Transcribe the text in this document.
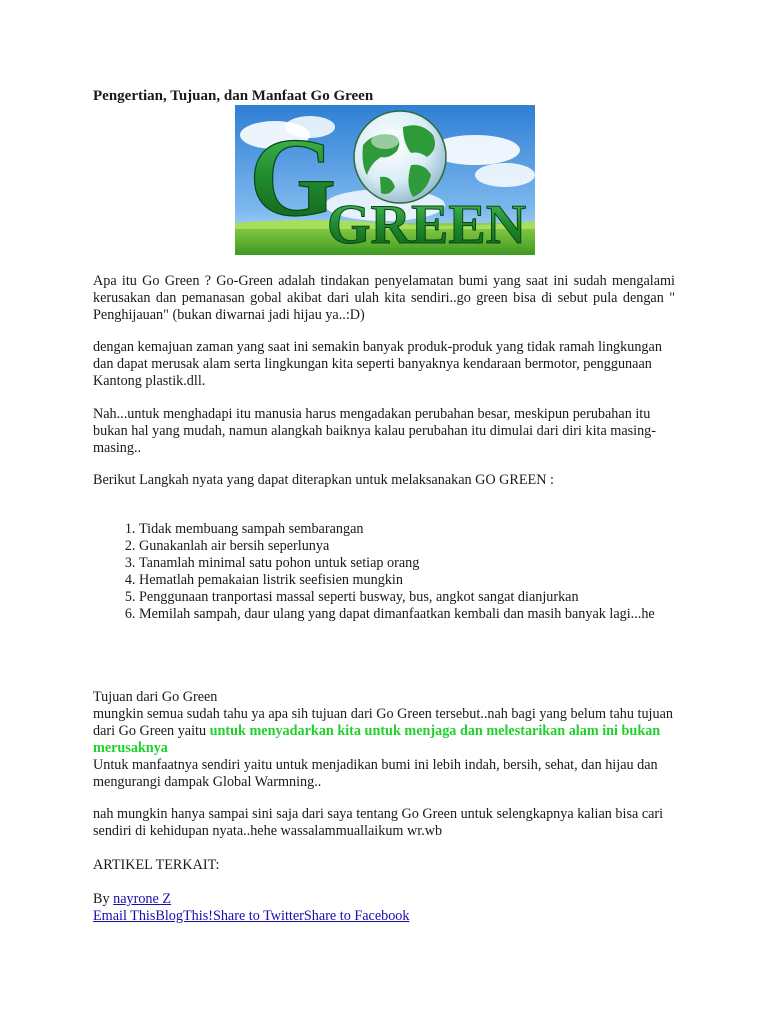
Pengertian, Tujuan, dan Manfaat Go Green
G
GREEN

Apa itu Go Green ? Go-Green adalah tindakan penyelamatan bumi yang saat ini sudah mengalami kerusakan dan pemanasan gobal akibat dari ulah kita sendiri..go green bisa di sebut pula dengan " Penghijauan" (bukan diwarnai jadi hijau ya..:D)

dengan kemajuan zaman yang saat ini semakin banyak produk-produk yang tidak ramah lingkungan dan dapat merusak alam serta lingkungan kita seperti banyaknya kendaraan bermotor, penggunaan Kantong plastik.dll.

Nah...untuk menghadapi itu manusia harus mengadakan perubahan besar, meskipun perubahan itu bukan hal yang mudah, namun alangkah baiknya kalau perubahan itu dimulai dari diri kita masing-masing..

Berikut Langkah nyata yang dapat diterapkan untuk melaksanakan GO GREEN :

1. Tidak membuang sampah sembarangan
2. Gunakanlah air bersih seperlunya
3. Tanamlah minimal satu pohon untuk setiap orang
4. Hematlah pemakaian listrik seefisien mungkin
5. Penggunaan tranportasi massal seperti busway, bus, angkot sangat dianjurkan
6. Memilah sampah, daur ulang yang dapat dimanfaatkan kembali dan masih banyak lagi...he
Tujuan dari Go Green
mungkin semua sudah tahu ya apa sih tujuan dari Go Green tersebut..nah bagi yang belum tahu tujuan dari Go Green yaitu untuk menyadarkan kita untuk menjaga dan melestarikan alam ini bukan merusaknya
Untuk manfaatnya sendiri yaitu untuk menjadikan bumi ini lebih indah, bersih, sehat, dan hijau dan mengurangi dampak Global Warmning..

nah mungkin hanya sampai sini saja dari saya tentang Go Green untuk selengkapnya kalian bisa cari sendiri di kehidupan nyata..hehe wassalammuallaikum wr.wb

ARTIKEL TERKAIT:

By nayrone Z
Email ThisBlogThis!Share to TwitterShare to Facebook
